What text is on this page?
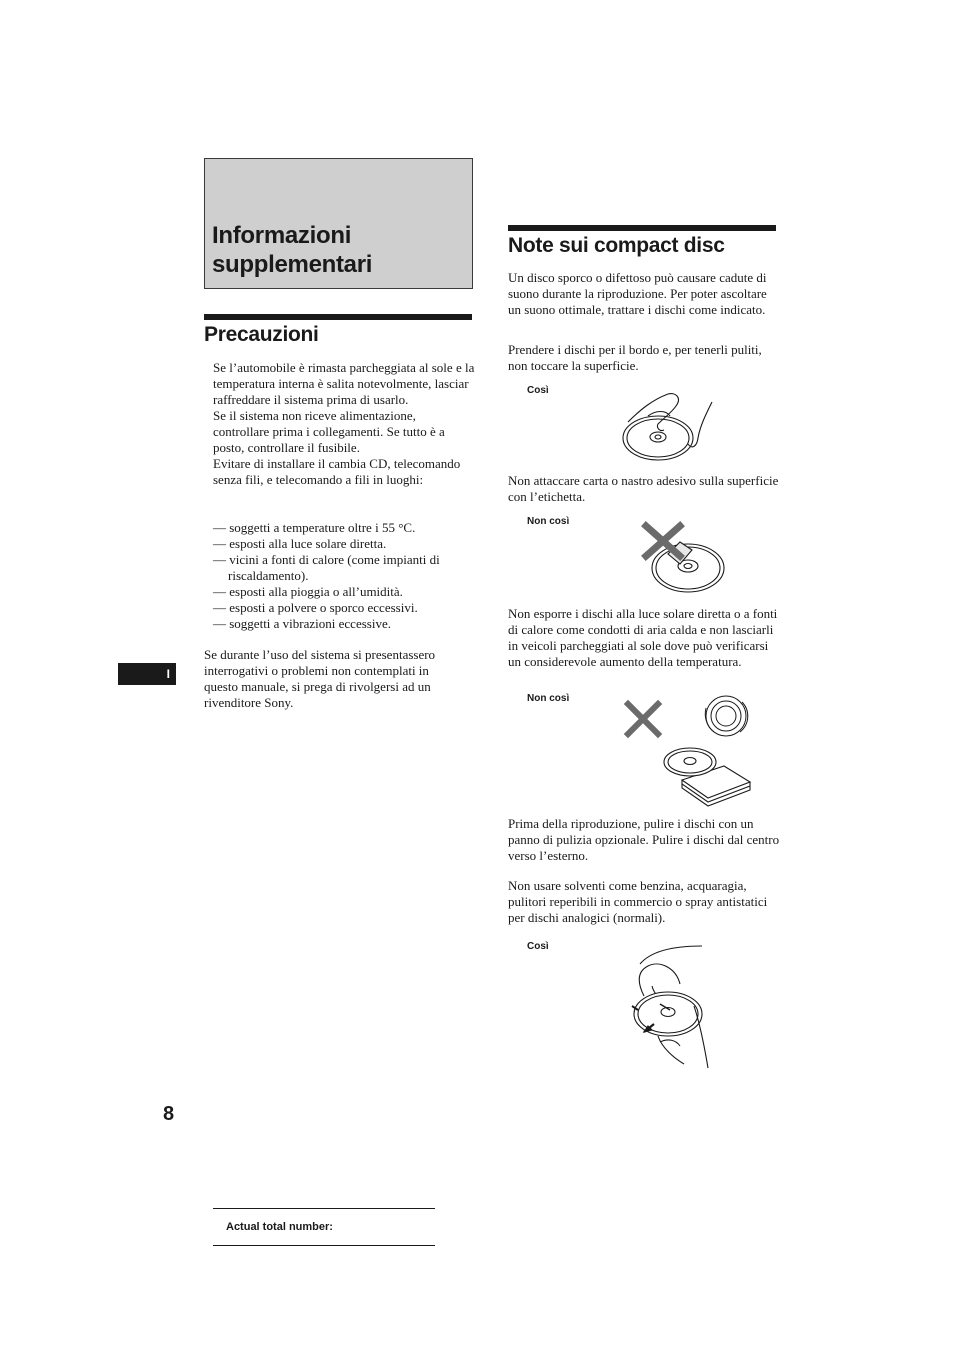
Informazioni
supplementari
Precauzioni
Se l’automobile è rimasta parcheggiata al sole e la temperatura interna è salita notevolmente, lasciar raffreddare il sistema prima di usarlo.
Se il sistema non riceve alimentazione, controllare prima i collegamenti. Se tutto è a posto, controllare il fusibile.
Evitare di installare il cambia CD, telecomando senza fili, e telecomando a fili in luoghi:
— soggetti a temperature oltre i 55 °C.
— esposti alla luce solare diretta.
— vicini a fonti di calore (come impianti di riscaldamento).
— esposti alla pioggia o all’umidità.
— esposti a polvere o sporco eccessivi.
— soggetti a vibrazioni eccessive.

Se durante l’uso del sistema si presentassero interrogativi o problemi non contemplati in questo manuale, si prega di rivolgersi ad un rivenditore Sony.

I
Note sui compact disc

Un disco sporco o difettoso può causare cadute di suono durante la riproduzione. Per poter ascoltare un suono ottimale, trattare i dischi come indicato.

Prendere i dischi per il bordo e, per tenerli puliti, non toccare la superficie.

Così

Non attaccare carta o nastro adesivo sulla superficie con l’etichetta.

Non così

Non esporre i dischi alla luce solare diretta o a fonti di calore come condotti di aria calda e non lasciarli in veicoli parcheggiati al sole dove può verificarsi un considerevole aumento della temperatura.

Non così

Prima della riproduzione, pulire i dischi con un panno di pulizia opzionale. Pulire i dischi dal centro verso l’esterno.

Non usare solventi come benzina, acquaragia, pulitori reperibili in commercio o spray antistatici per dischi analogici (normali).

Così
8
Actual total number:
